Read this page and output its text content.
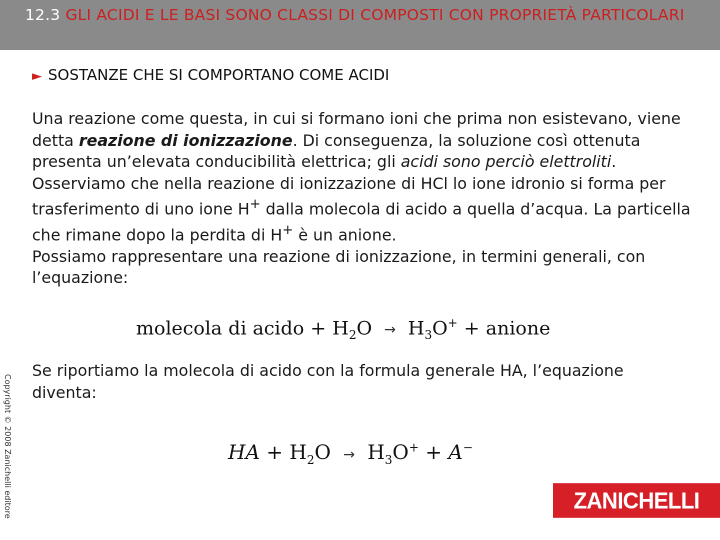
12.3 GLI ACIDI E LE BASI SONO CLASSI DI COMPOSTI CON PROPRIETÀ PARTICOLARI
► SOSTANZE CHE SI COMPORTANO COME ACIDI

Una reazione come questa, in cui si formano ioni che prima non esistevano, viene detta reazione di ionizzazione. Di conseguenza, la soluzione così ottenuta presenta un’elevata conducibilità elettrica; gli acidi sono perciò elettroliti.

Osserviamo che nella reazione di ionizzazione di HCl lo ione idronio si forma per trasferimento di uno ione H+ dalla molecola di acido a quella d’acqua. La particella che rimane dopo la perdita di H+ è un anione.

Possiamo rappresentare una reazione di ionizzazione, in termini generali, con l’equazione:

molecola di acido + $H_2O \to H_3O^+$ + anione
Se riportiamo la molecola di acido con la formula generale HA, l’equazione diventa:
HA + $H_2O \to H_3O^+ + A^-$
Copyright © 2008 Zanichelli editore	ZANICHELLI
